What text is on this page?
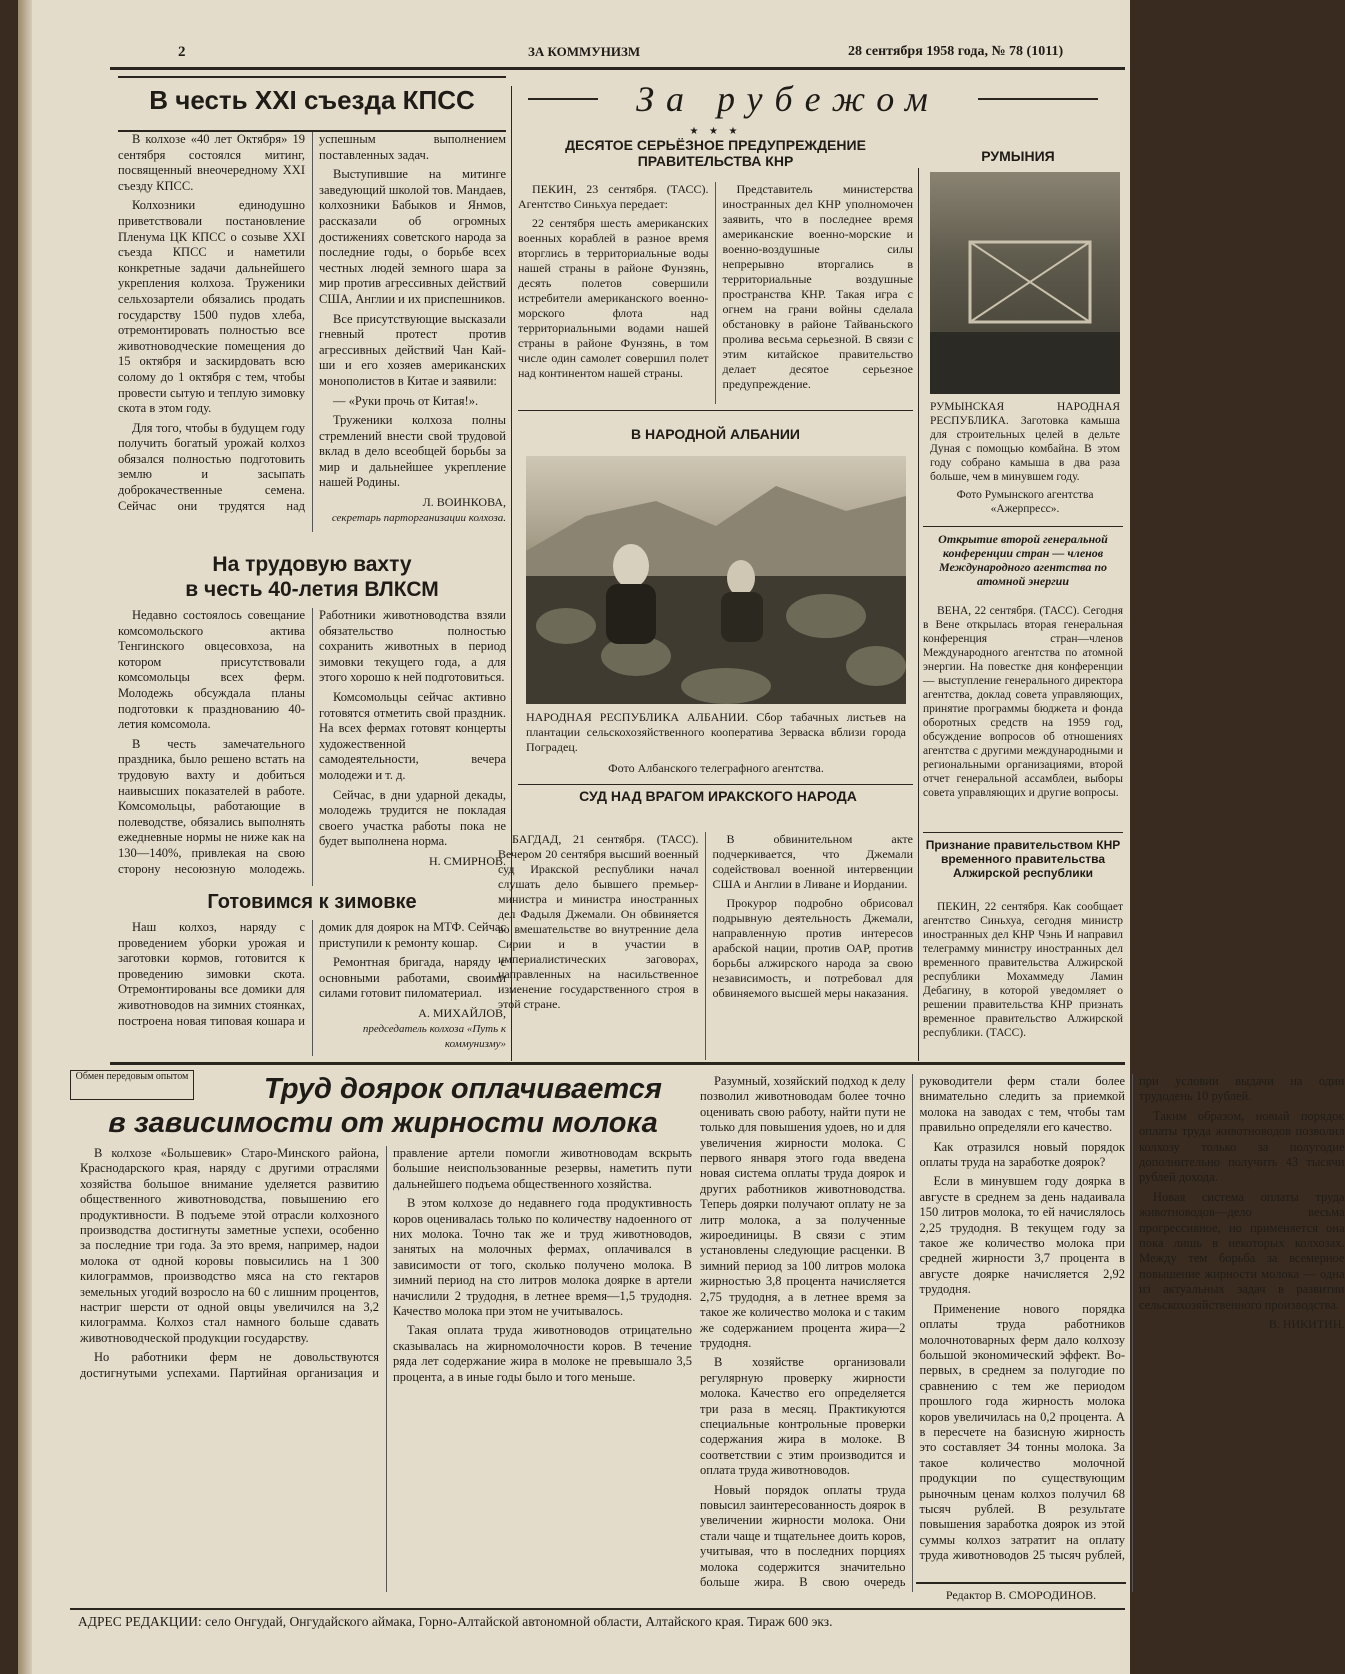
2	ЗА КОММУНИЗМ	28 сентября 1958 года, № 78 (1011)
В честь XXI съезда КПСС

В колхозе «40 лет Октября» 19 сентября состоялся митинг, посвященный внеочередному XXI съезду КПСС.

Колхозники единодушно приветствовали постановление Пленума ЦК КПСС о созыве XXI съезда КПСС и наметили конкретные задачи дальнейшего укрепления колхоза. Труженики сельхозартели обязались продать государству 1500 пудов хлеба, отремонтировать полностью все животноводческие помещения до 15 октября и заскирдовать всю солому до 1 октября с тем, чтобы провести сытую и теплую зимовку скота в этом году.

Для того, чтобы в будущем году получить богатый урожай колхоз обязался полностью подготовить землю и засыпать доброкачественные семена. Сейчас они трудятся над успешным выполнением поставленных задач.

Выступившие на митинге заведующий школой тов. Мандаев, колхозники Бабыков и Янмов, рассказали об огромных достижениях советского народа за последние годы, о борьбе всех честных людей земного шара за мир против агрессивных действий США, Англии и их приспешников.

Все присутствующие высказали гневный протест против агрессивных действий Чан Кай-ши и его хозяев американских монополистов в Китае и заявили:

— «Руки прочь от Китая!».

Труженики колхоза полны стремлений внести свой трудовой вклад в дело всеобщей борьбы за мир и дальнейшее укрепление нашей Родины.

Л. ВОИНКОВА,
секретарь партoрганизации колхоза.
На трудовую вахту
в честь 40-летия ВЛКСМ

Недавно состоялось совещание комсомольского актива Тенгинского овцесовхоза, на котором присутствовали комсомольцы всех ферм. Молодежь обсуждала планы подготовки к празднованию 40-летия комсомола.

В честь замечательного праздника, было решено встать на трудовую вахту и добиться наивысших показателей в работе. Комсомольцы, работающие в полеводстве, обязались выполнять ежедневные нормы не ниже как на 130—140%, привлекая на свою сторону несоюзную молодежь. Работники животноводства взяли обязательство полностью сохранить животных в период зимовки текущего года, а для этого хорошо к ней подготовиться.

Комсомольцы сейчас активно готовятся отметить свой праздник. На всех фермах готовят концерты художественной самодеятельности, вечера молодежи и т. д.

Сейчас, в дни ударной декады, молодежь трудится не покладая своего участка работы пока не будет выполнена норма.

Н. СМИРНОВ.
Готовимся к зимовке

Наш колхоз, наряду с проведением уборки урожая и заготовки кормов, готовится к проведению зимовки скота. Отремонтированы все домики для животноводов на зимних стоянках, построена новая типовая кошара и домик для доярок на МТФ. Сейчас приступили к ремонту кошар.

Ремонтная бригада, наряду с основными работами, своими силами готовит пиломатериал.

А. МИХАЙЛОВ,
председатель колхоза «Путь к коммунизму»
За рубежом
★ ★ ★
ДЕСЯТОЕ СЕРЬЁЗНОЕ ПРЕДУПРЕЖДЕНИЕ ПРАВИТЕЛЬСТВА КНР

ПЕКИН, 23 сентября. (ТАСС). Агентство Синьхуа передает:

22 сентября шесть американских военных кораблей в разное время вторглись в территориальные воды нашей страны в районе Фунзянь, десять полетов совершили истребители американского военно-морского флота над территориальными водами нашей страны в районе Фунзянь, в том числе один самолет совершил полет над континентом нашей страны.

Представитель министерства иностранных дел КНР уполномочен заявить, что в последнее время американские военно-морские и военно-воздушные силы непрерывно вторгались в территориальные воздушные пространства КНР. Такая игра с огнем на грани войны сделала обстановку в районе Тайваньского пролива весьма серьезной. В связи с этим китайское правительство делает десятое серьезное предупреждение.

В НАРОДНОЙ АЛБАНИИ
НАРОДНАЯ РЕСПУБЛИКА АЛБАНИИ. Сбор табачных листьев на плантации сельскохозяйственного кооператива Зерваска вблизи города Поградец.
Фото Албанского телеграфного агентства.
СУД НАД ВРАГОМ ИРАКСКОГО НАРОДА

БАГДАД, 21 сентября. (ТАСС). Вечером 20 сентября высший военный суд Иракской республики начал слушать дело бывшего премьер-министра и министра иностранных дел Фадыля Джемали. Он обвиняется во вмешательстве во внутренние дела Сирии и в участии в империалистических заговорах, направленных на насильственное изменение государственного строя в этой стране.

В обвинительном акте подчеркивается, что Джемали содействовал военной интервенции США и Англии в Ливане и Иордании.

Прокурор подробно обрисовал подрывную деятельность Джемали, направленную против интересов арабской нации, против ОАР, против борьбы алжирского народа за свою независимость, и потребовал для обвиняемого высшей меры наказания.

РУМЫНИЯ
РУМЫНСКАЯ НАРОДНАЯ РЕСПУБЛИКА. Заготовка камыша для строительных целей в дельте Дуная с помощью комбайна. В этом году собрано камыша в два раза больше, чем в минувшем году.
Фото Румынского агентства «Ажерпресс».
Открытие второй генеральной конференции стран — членов Международного агентства по атомной энергии

ВЕНА, 22 сентября. (ТАСС). Сегодня в Вене открылась вторая генеральная конференция стран—членов Международного агентства по атомной энергии. На повестке дня конференции — выступление генерального директора агентства, доклад совета управляющих, принятие программы бюджета и фонда оборотных средств на 1959 год, обсуждение вопросов об отношениях агентства с другими международными и региональными организациями, второй отчет генеральной ассамблеи, выборы совета управляющих и другие вопросы.

Признание правительством КНР временного правительства Алжирской республики

ПЕКИН, 22 сентября. Как сообщает агентство Синьхуа, сегодня министр иностранных дел КНР Чэнь И направил телеграмму министру иностранных дел временного правительства Алжирской республики Мохаммеду Ламин Дебагину, в которой уведомляет о решении правительства КНР признать временное правительство Алжирской республики. (ТАСС).

Обмен передовым опытом	Труд доярок оплачивается
в зависимости от жирности молока

В колхозе «Большевик» Старо-Минского района, Краснодарского края, наряду с другими отраслями хозяйства большое внимание уделяется развитию общественного животноводства, повышению его продуктивности. В подъеме этой отрасли колхозного производства достигнуты заметные успехи, особенно за последние три года. За это время, например, надои молока от одной коровы повысились на 1 300 килограммов, производство мяса на сто гектаров земельных угодий возросло на 60 с лишним процентов, настриг шерсти от одной овцы увеличился на 3,2 килограмма. Колхоз стал намного больше сдавать животноводческой продукции государству.

Но работники ферм не довольствуются достигнутыми успехами. Партийная организация и правление артели помогли животноводам вскрыть большие неиспользованные резервы, наметить пути дальнейшего подъема общественного хозяйства.

В этом колхозе до недавнего года продуктивность коров оценивалась только по количеству надоенного от них молока. Точно так же и труд животноводов, занятых на молочных фермах, оплачивался в зависимости от того, сколько получено молока. В зимний период на сто литров молока доярке в артели начислили 2 трудодня, в летнее время—1,5 трудодня. Качество молока при этом не учитывалось.

Такая оплата труда животноводов отрицательно сказывалась на жирномолочности коров. В течение ряда лет содержание жира в молоке не превышало 3,5 процента, а в иные годы было и того меньше.

Разумный, хозяйский подход к делу позволил животноводам более точно оценивать свою работу, найти пути не только для повышения удоев, но и для увеличения жирности молока. С первого января этого года введена новая система оплаты труда доярок и других работников животноводства. Теперь доярки получают оплату не за литр молока, а за полученные жироединицы. В связи с этим установлены следующие расценки. В зимний период за 100 литров молока жирностью 3,8 процента начисляется 2,75 трудодня, а в летнее время за такое же количество молока и с таким же содержанием процента жира—2 трудодня.

В хозяйстве организовали регулярную проверку жирности молока. Качество его определяется три раза в месяц. Практикуются специальные контрольные проверки содержания жира в молоке. В соответствии с этим производится и оплата труда животноводов.

Новый порядок оплаты труда повысил заинтересованность доярок в увеличении жирности молока. Они стали чаще и тщательнее доить коров, учитывая, что в последних порциях молока содержится значительно больше жира. В свою очередь руководители ферм стали более внимательно следить за приемкой молока на заводах с тем, чтобы там правильно определяли его качество.

Как отразился новый порядок оплаты труда на заработке доярок?

Если в минувшем году доярка в августе в среднем за день надаивала 150 литров молока, то ей начислялось 2,25 трудодня. В текущем году за такое же количество молока при средней жирности 3,7 процента в августе доярке начисляется 2,92 трудодня.

Применение нового порядка оплаты труда работников молочнотоварных ферм дало колхозу большой экономический эффект. Во-первых, в среднем за полугодие по сравнению с тем же периодом прошлого года жирность молока коров увеличилась на 0,2 процента. А в пересчете на базисную жирность это составляет 34 тонны молока. За такое количество молочной продукции по существующим рыночным ценам колхоз получил 68 тысяч рублей. В результате повышения заработка доярок из этой суммы колхоз затратит на оплату труда животноводов 25 тысяч рублей, при условии выдачи на один трудодень 10 рублей.

Таким образом, новый порядок оплаты труда животноводов позволил колхозу только за полугодие дополнительно получить 43 тысячи рублей дохода.

Новая система оплаты труда животноводов—дело весьма прогрессивное, но применяется она пока лишь в некоторых колхозах. Между тем борьба за всемерное повышение жирности молока — одна из актуальных задач в развитии сельскохозяйственного производства.

В. НИКИТИН.
Редактор В. СМОРОДИНОВ.
АДРЕС РЕДАКЦИИ: село Онгудай, Онгудайского аймака, Горно-Алтайской автономной области, Алтайского края. Тираж 600 экз.
